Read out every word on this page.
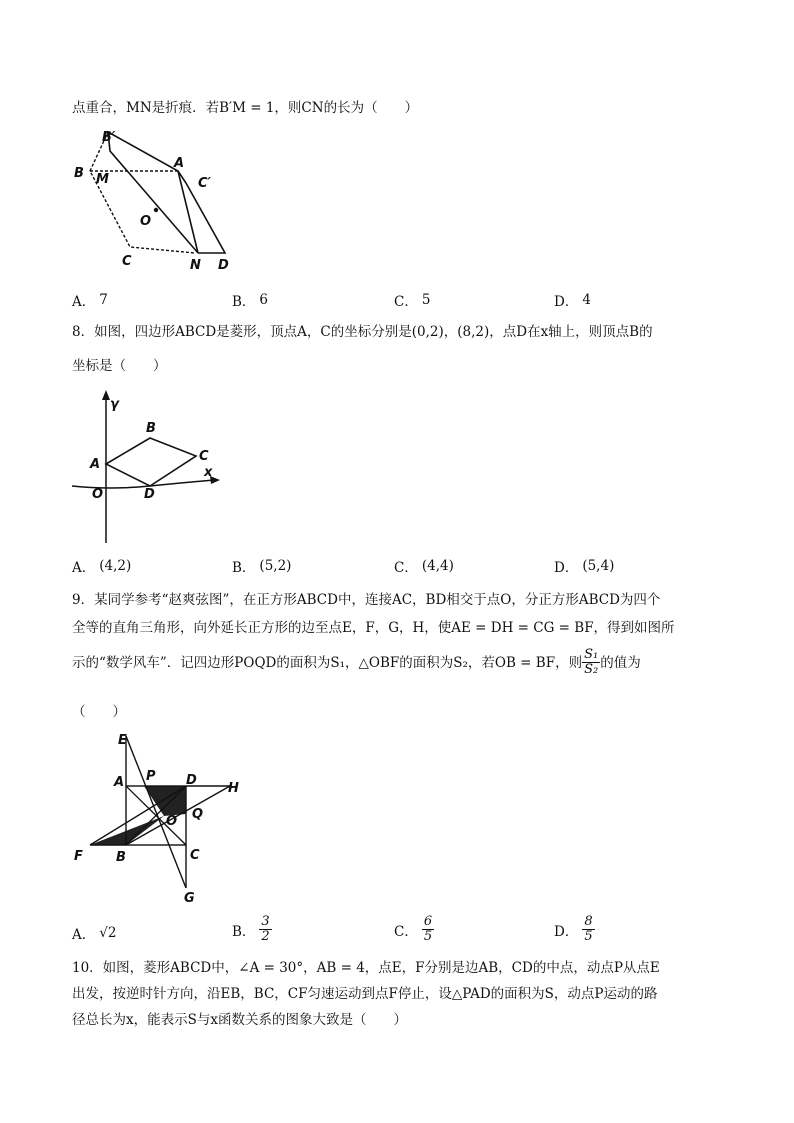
点重合，MN是折痕．若B′M = 1，则CN的长为（　　）
B′
A
B M	C′
O
C	N D
A． 7	B． 6	C． 5	D． 4
8．如图，四边形ABCD是菱形，顶点A，C的坐标分别是(0,2)，(8,2)，点D在x轴上，则顶点B的
坐标是（　　）
γ
x
B
A
C
O	D
A． (4,2)	B． (5,2)	C． (4,4)	D． (5,4)
9．某同学参考“赵爽弦图”，在正方形ABCD中，连接AC，BD相交于点O，分正方形ABCD为四个
全等的直角三角形，向外延长正方形的边至点E，F，G，H，使AE = DH = CG = BF，得到如图所
示的“数学风车”．记四边形POQD的面积为S₁，△OBF的面积为S₂，若OB = BF，则 $\frac{\text{S₁}}{\text{S₂}}$ 的值为
（　　）
E
A P D
H
O Q
F	B	C
G
A． √2	B． $\frac{3}{2}$	C． $\frac{6}{5}$	D． $\frac{8}{5}$
10．如图，菱形ABCD中，∠A = 30°，AB = 4，点E，F分别是边AB，CD的中点，动点P从点E
出发，按逆时针方向，沿EB，BC，CF匀速运动到点F停止，设△PAD的面积为S，动点P运动的路
径总长为x，能表示S与x函数关系的图象大致是（　　）
